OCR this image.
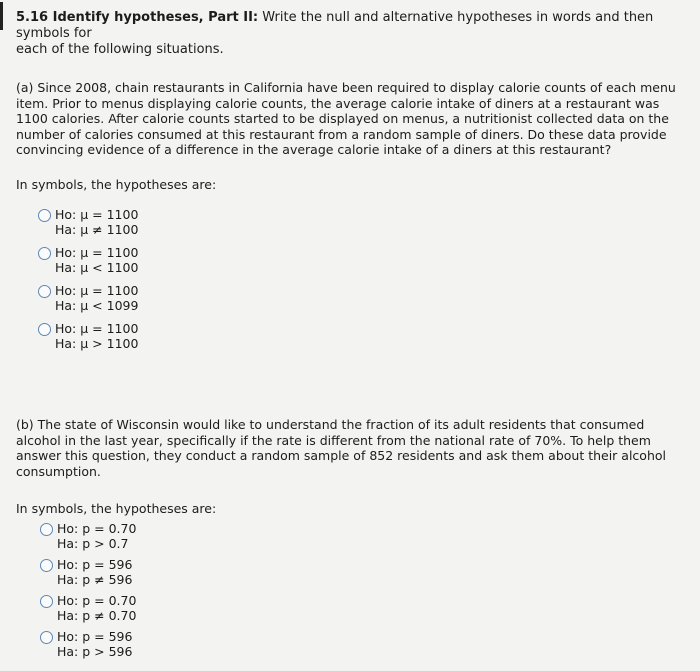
5.16 Identify hypotheses, Part II: Write the null and alternative hypotheses in words and then symbols for
each of the following situations.
(a) Since 2008, chain restaurants in California have been required to display calorie counts of each menu
item. Prior to menus displaying calorie counts, the average calorie intake of diners at a restaurant was
1100 calories. After calorie counts started to be displayed on menus, a nutritionist collected data on the
number of calories consumed at this restaurant from a random sample of diners. Do these data provide
convincing evidence of a difference in the average calorie intake of a diners at this restaurant?
In symbols, the hypotheses are:
Ho: μ = 1100
Ha: μ ≠ 1100
Ho: μ = 1100
Ha: μ < 1100
Ho: μ = 1100
Ha: μ < 1099
Ho: μ = 1100
Ha: μ > 1100
(b) The state of Wisconsin would like to understand the fraction of its adult residents that consumed
alcohol in the last year, specifically if the rate is different from the national rate of 70%. To help them
answer this question, they conduct a random sample of 852 residents and ask them about their alcohol
consumption.
In symbols, the hypotheses are:
Ho: p = 0.70
Ha: p > 0.7
Ho: p = 596
Ha: p ≠ 596
Ho: p = 0.70
Ha: p ≠ 0.70
Ho: p = 596
Ha: p > 596
